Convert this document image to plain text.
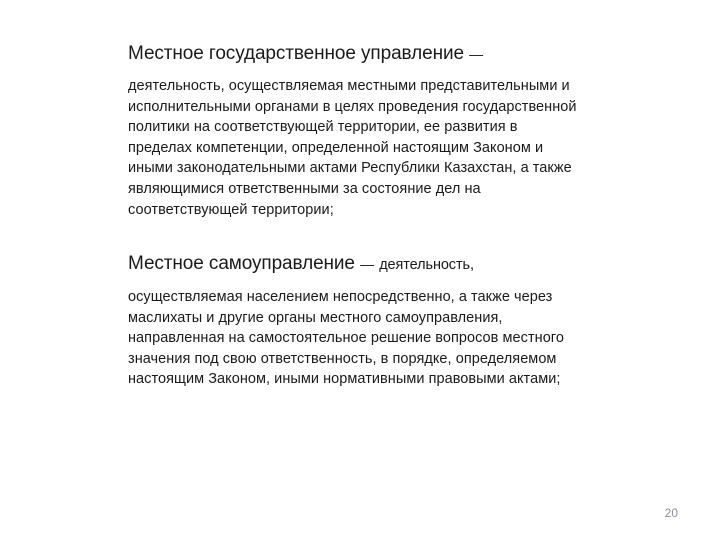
Местное государственное управление —

деятельность, осуществляемая местными представительными и
исполнительными органами в целях проведения государственной
политики на соответствующей территории, ее развития в
пределах компетенции, определенной настоящим Законом и
иными законодательными актами Республики Казахстан, а также
являющимися ответственными за состояние дел на
соответствующей территории;

Местное самоуправление — деятельность,

осуществляемая населением непосредственно, а также через
маслихаты и другие органы местного самоуправления,
направленная на самостоятельное решение вопросов местного
значения под свою ответственность, в порядке, определяемом
настоящим Законом, иными нормативными правовыми актами;

20
